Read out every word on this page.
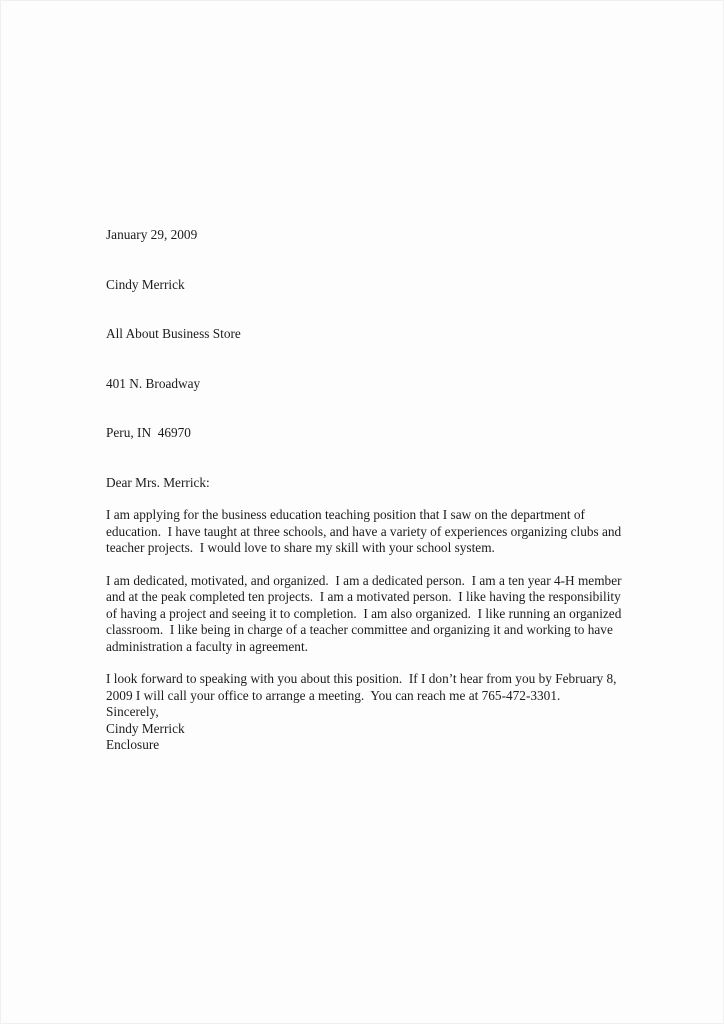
January 29, 2009

Cindy Merrick

All About Business Store

401 N. Broadway

Peru, IN  46970

Dear Mrs. Merrick:

I am applying for the business education teaching position that I saw on the department of education.  I have taught at three schools, and have a variety of experiences organizing clubs and teacher projects.  I would love to share my skill with your school system.

I am dedicated, motivated, and organized.  I am a dedicated person.  I am a ten year 4-H member and at the peak completed ten projects.  I am a motivated person.  I like having the responsibility of having a project and seeing it to completion.  I am also organized.  I like running an organized classroom.  I like being in charge of a teacher committee and organizing it and working to have administration a faculty in agreement.

I look forward to speaking with you about this position.  If I don’t hear from you by February 8, 2009 I will call your office to arrange a meeting.  You can reach me at 765-472-3301.

Sincerely,
Cindy Merrick
Enclosure
